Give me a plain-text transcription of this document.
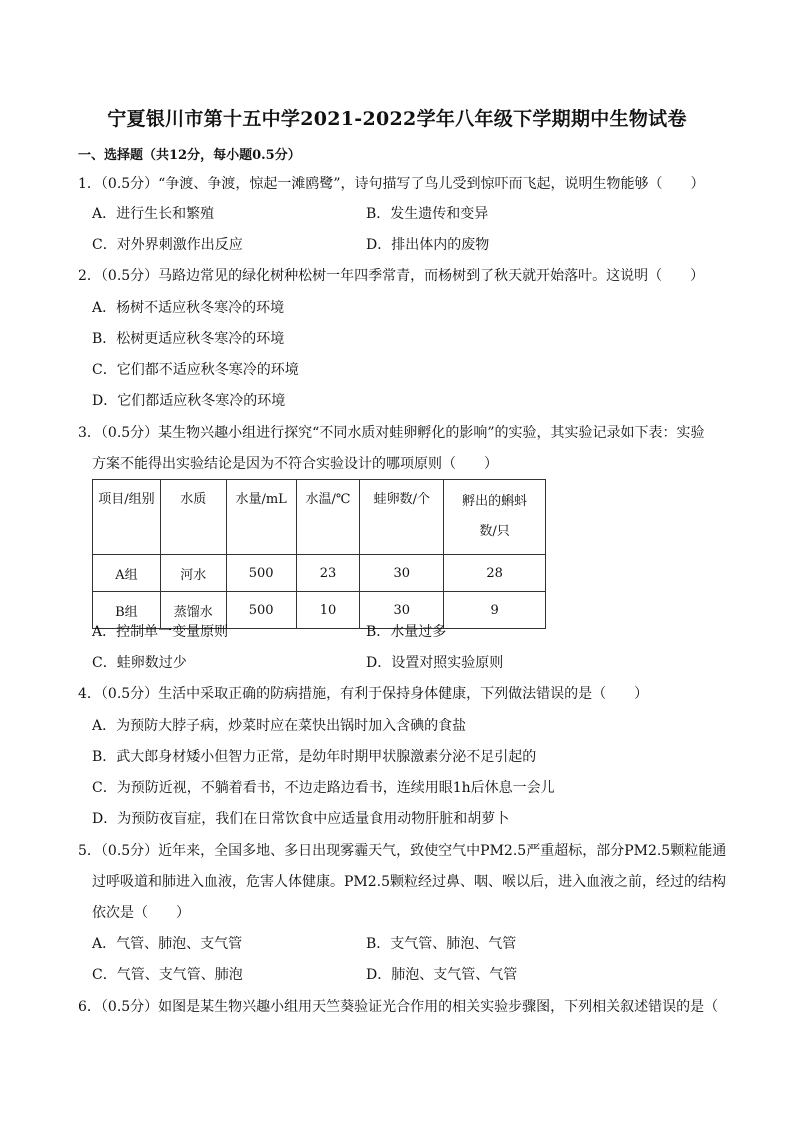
宁夏银川市第十五中学2021-2022学年八年级下学期期中生物试卷
一、选择题（共12分，每小题0.5分）
1．（0.5分）“争渡、争渡，惊起一滩鸥鹭”，诗句描写了鸟儿受到惊吓而飞起，说明生物能够（　　）
A．进行生长和繁殖	B．发生遗传和变异
C．对外界刺激作出反应	D．排出体内的废物
2．（0.5分）马路边常见的绿化树种松树一年四季常青，而杨树到了秋天就开始落叶。这说明（　　）
A．杨树不适应秋冬寒冷的环境
B．松树更适应秋冬寒冷的环境
C．它们都不适应秋冬寒冷的环境
D．它们都适应秋冬寒冷的环境
3．（0.5分）某生物兴趣小组进行探究“不同水质对蛙卵孵化的影响”的实验，其实验记录如下表：实验
方案不能得出实验结论是因为不符合实验设计的哪项原则（　　）
项目/组别	水质	水量/mL	水温/℃	蛙卵数/个	孵出的蝌蚪数/只
A组	河水	500	23	30	28
B组	蒸馏水	500	10	30	9
A．控制单一变量原则	B．水量过多
C．蛙卵数过少	D．设置对照实验原则
4．（0.5分）生活中采取正确的防病措施，有利于保持身体健康，下列做法错误的是（　　）
A．为预防大脖子病，炒菜时应在菜快出锅时加入含碘的食盐
B．武大郎身材矮小但智力正常，是幼年时期甲状腺激素分泌不足引起的
C．为预防近视，不躺着看书，不边走路边看书，连续用眼1h后休息一会儿
D．为预防夜盲症，我们在日常饮食中应适量食用动物肝脏和胡萝卜
5．（0.5分）近年来，全国多地、多日出现雾霾天气，致使空气中PM2.5严重超标，部分PM2.5颗粒能通
过呼吸道和肺进入血液，危害人体健康。PM2.5颗粒经过鼻、咽、喉以后，进入血液之前，经过的结构
依次是（　　）
A．气管、肺泡、支气管	B．支气管、肺泡、气管
C．气管、支气管、肺泡	D．肺泡、支气管、气管
6．（0.5分）如图是某生物兴趣小组用天竺葵验证光合作用的相关实验步骤图，下列相关叙述错误的是（
